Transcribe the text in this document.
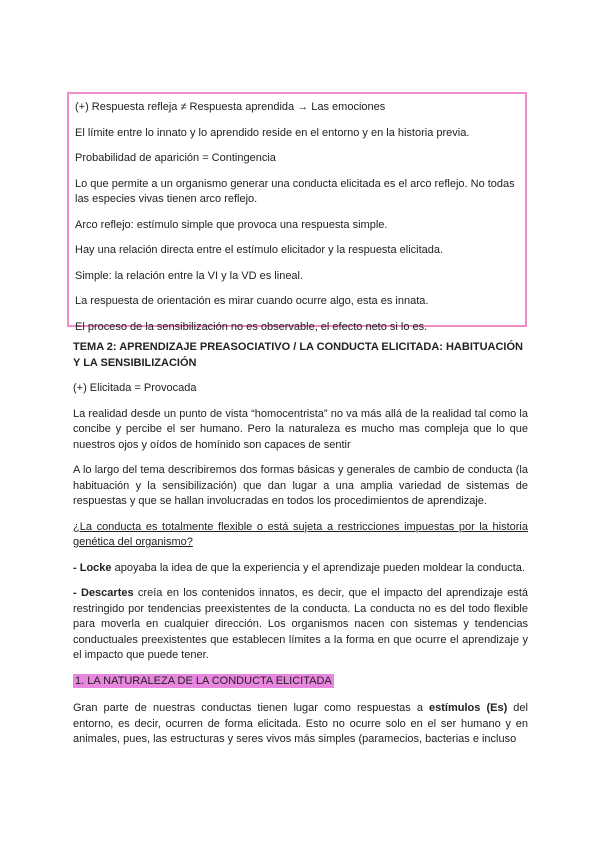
(+) Respuesta refleja ≠ Respuesta aprendida → Las emociones

El límite entre lo innato y lo aprendido reside en el entorno y en la historia previa.

Probabilidad de aparición = Contingencia

Lo que permite a un organismo generar una conducta elicitada es el arco reflejo. No todas las especies vivas tienen arco reflejo.

Arco reflejo: estímulo simple que provoca una respuesta simple.

Hay una relación directa entre el estímulo elicitador y la respuesta elicitada.

Simple: la relación entre la VI y la VD es lineal.

La respuesta de orientación es mirar cuando ocurre algo, esta es innata.

El proceso de la sensibilización no es observable, el efecto neto si lo es.

TEMA 2: APRENDIZAJE PREASOCIATIVO / LA CONDUCTA ELICITADA: HABITUACIÓN Y LA SENSIBILIZACIÓN

(+) Elicitada = Provocada

La realidad desde un punto de vista “homocentrista” no va más allá de la realidad tal como la concibe y percibe el ser humano. Pero la naturaleza es mucho mas compleja que lo que nuestros ojos y oídos de homínido son capaces de sentir

A lo largo del tema describiremos dos formas básicas y generales de cambio de conducta (la habituación y la sensibilización) que dan lugar a una amplia variedad de sistemas de respuestas y que se hallan involucradas en todos los procedimientos de aprendizaje.

¿La conducta es totalmente flexible o está sujeta a restricciones impuestas por la historia genética del organismo?

- Locke apoyaba la idea de que la experiencia y el aprendizaje pueden moldear la conducta.

- Descartes creía en los contenidos innatos, es decir, que el impacto del aprendizaje está restringido por tendencias preexistentes de la conducta. La conducta no es del todo flexible para moverla en cualquier dirección. Los organismos nacen con sistemas y tendencias conductuales preexistentes que establecen límites a la forma en que ocurre el aprendizaje y el impacto que puede tener.

1. LA NATURALEZA DE LA CONDUCTA ELICITADA

Gran parte de nuestras conductas tienen lugar como respuestas a estímulos (Es) del entorno, es decir, ocurren de forma elicitada. Esto no ocurre solo en el ser humano y en animales, pues, las estructuras y seres vivos más simples (paramecios, bacterias e incluso
